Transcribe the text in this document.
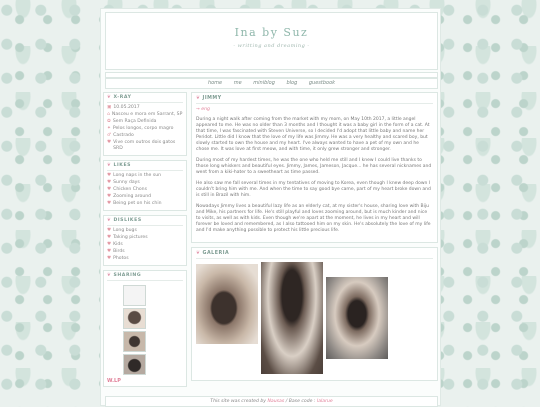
Ina by Suz
- writting and dreaming -
home me miniblog blog guestbook
❦ X-RAY
▣ 10.05.2017
⌂ Nasceu e mora em Sarrant, SP
✿ Sem Raça Definida
✦ Pelos longos, corpo magro
♂ Castrado
♥ Vive com outros dois gatos SRD
❦ LIKES
♥ Long naps in the sun
♥ Sunny days
♥ Chicken Chons
♥ Zooming around
♥ Being pet on his chin
❦ DISLIKES
♥ Long bugs
♥ Taking pictures
♥ Kids
♥ Birds
♥ Photos
❦ SHARING
W.LP
❦ JIMMY
→ eng

During a night walk after coming from the market with my mom, on May 10th 2017, a little angel appeared to me. He was no older than 3 months and I thought it was a baby girl in the form of a cat. At that time, I was fascinated with Steven Universe, so I decided I'd adopt that little baby and name her Peridot. Little did I know that the love of my life was Jimmy. He was a very healthy and scared boy, but slowly started to own the house and my heart. I've always wanted to have a pet of my own and he chose me. It was love at first meow, and with time, it only grew stronger and stronger.

During most of my hardest times, he was the one who held me still and I knew I could live thanks to those long whiskers and beautiful eyes. Jimmy, James, Jameson, Jacque... he has several nicknames and went from a kiki-hater to a sweetheart as time passed.

He also saw me fall several times in my tentatives of moving to Korea, even though I knew deep down I couldn't bring him with me. And when the time to say good bye came, part of my heart broke down and is still in Brazil with him.

Nowadays Jimmy lives a beautiful lazy life as an elderly cat, at my sister's house, sharing love with Biju and Mike, his partners for life. He's still playful and loves zooming around, but is much kinder and nice to visits, as well as with kids. Even though we're apart at the moment, he lives in my heart and will forever be loved and remembered, as I also tattooed him on my skin. He's absolutely the love of my life and I'd make anything possible to protect his little precious life.

❦ GALERIA
This site was created by Nausas / Base code : lalarue
